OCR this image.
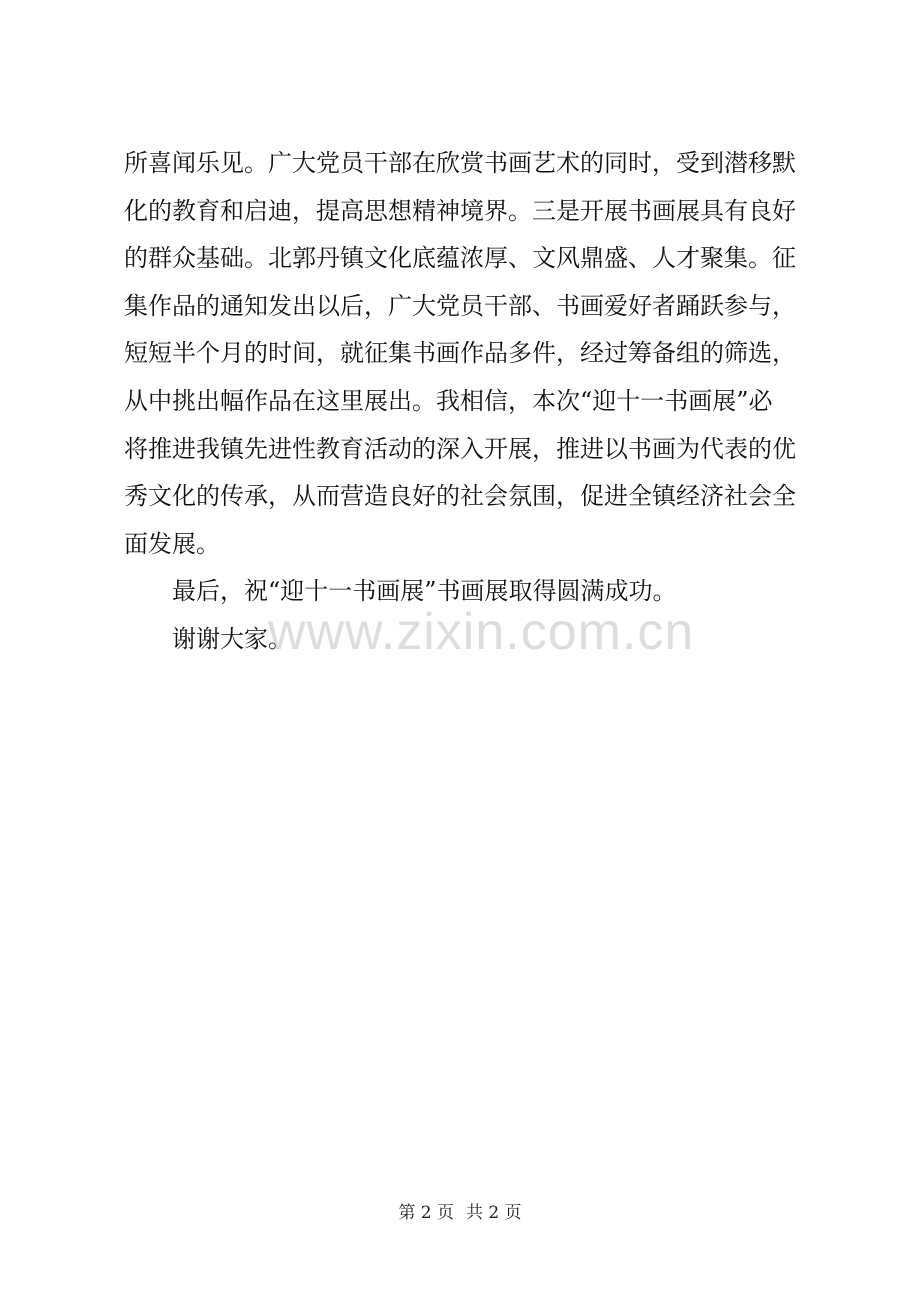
所喜闻乐见。广大党员干部在欣赏书画艺术的同时，受到潜移默
化的教育和启迪，提高思想精神境界。三是开展书画展具有良好
的群众基础。北郭丹镇文化底蕴浓厚、文风鼎盛、人才聚集。征
集作品的通知发出以后，广大党员干部、书画爱好者踊跃参与，
短短半个月的时间，就征集书画作品多件，经过筹备组的筛选，
从中挑出幅作品在这里展出。我相信，本次“迎十一书画展”必
将推进我镇先进性教育活动的深入开展，推进以书画为代表的优
秀文化的传承，从而营造良好的社会氛围，促进全镇经济社会全
面发展。
最后，祝“迎十一书画展”书画展取得圆满成功。
谢谢大家。
www.zixin.com.cn
第 2 页 共 2 页
